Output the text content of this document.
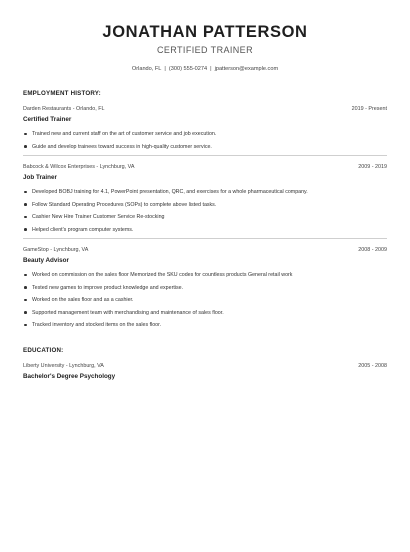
JONATHAN PATTERSON
CERTIFIED TRAINER
Orlando, FL | (300) 555-0274 | jpatterson@example.com
EMPLOYMENT HISTORY:
Darden Restaurants - Orlando, FL	2019 - Present
Certified Trainer
Trained new and current staff on the art of customer service and job execution.
Guide and develop trainees toward success in high-quality customer service.
Babcock & Wilcox Enterprises - Lynchburg, VA	2009 - 2019
Job Trainer
Developed BOBJ training for 4.1, PowerPoint presentation, QRC, and exercises for a whole pharmaceutical company.
Follow Standard Operating Procedures (SOPs) to complete above listed tasks.
Cashier New Hire Trainer Customer Service Re-stocking
Helped client's program computer systems.
GameStop - Lynchburg, VA	2008 - 2009
Beauty Advisor
Worked on commission on the sales floor Memorized the SKU codes for countless products General retail work
Tested new games to improve product knowledge and expertise.
Worked on the sales floor and as a cashier.
Supported management team with merchandising and maintenance of sales floor.
Tracked inventory and stocked items on the sales floor.
EDUCATION:
Liberty University - Lynchburg, VA	2005 - 2008
Bachelor's Degree Psychology
